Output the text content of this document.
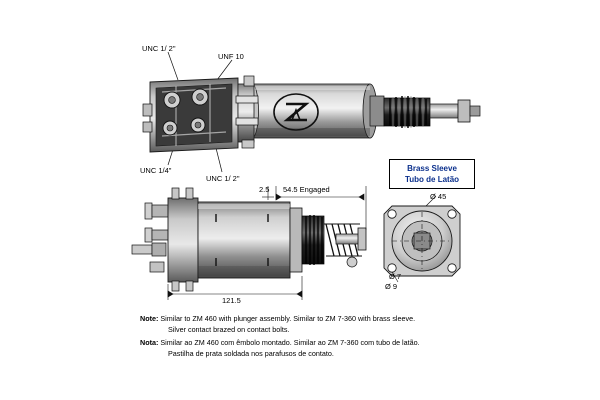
UNC 1/ 2"
UNF 10
UNC 1/4"
UNC 1/ 2"
2.5 54.5 Engaged
121.5
Ø 45
Ø 7
Ø 9
Brass Sleeve
Tubo de Latão
Note: Similar to ZM 460 with plunger assembly. Similar to ZM 7-360 with brass sleeve.
Silver contact brazed on contact bolts.
Nota: Similar ao ZM 460 com êmbolo montado. Similar ao ZM 7-360 com tubo de latão.
Pastilha de prata soldada nos parafusos de contato.
